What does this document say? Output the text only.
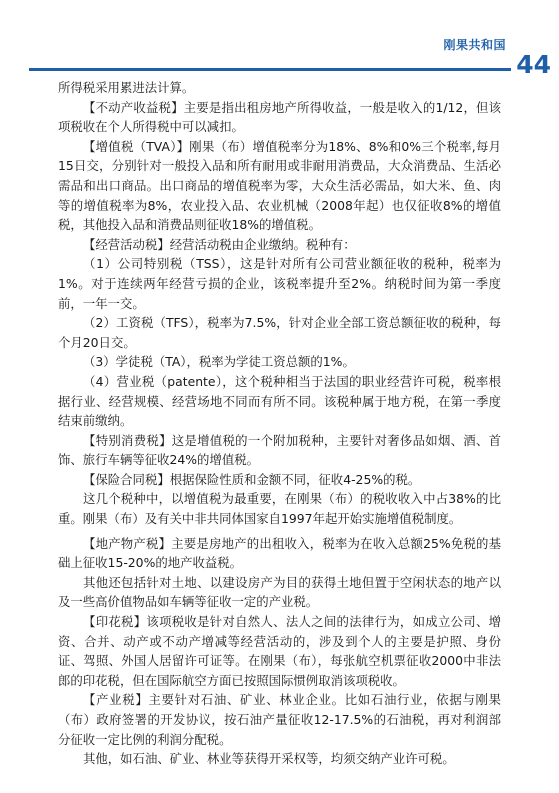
刚果共和国
44

所得税采用累进法计算。

【 不动产收益税 】 主要是指出租房地产所得收益，一般是收入的1/12，但该项税收在个人所得税中可以减扣。

【 增值税（TVA） 】 刚果（布）增值税率分为18%、8%和0%三个税率,每月15日交，分别针对一般投入品和所有耐用或非耐用消费品，大众消费品、生活必需品和出口商品。出口商品的增值税率为零，大众生活必需品，如大米、鱼、肉等的增值税率为8%，农业投入品、农业机械（2008年起）也仅征收8%的增值税，其他投入品和消费品则征收18%的增值税。

【 经营活动税 】 经营活动税由企业缴纳。税种有：

（1）公司特别税（TSS），这是针对所有公司营业额征收的税种，税率为1%。对于连续两年经营亏损的企业，该税率提升至2%。纳税时间为第一季度前，一年一交。

（2）工资税（TFS），税率为7.5%，针对企业全部工资总额征收的税种，每个月20日交。

（3）学徒税（TA），税率为学徒工资总额的1%。

（4）营业税（patente），这个税种相当于法国的职业经营许可税，税率根据行业、经营规模、经营场地不同而有所不同。该税种属于地方税，在第一季度结束前缴纳。

【 特别消费税 】 这是增值税的一个附加税种，主要针对奢侈品如烟、酒、首饰、旅行车辆等征收24%的增值税。

【 保险合同税 】 根据保险性质和金额不同，征收4-25%的税。

这几个税种中，以增值税为最重要，在刚果（布）的税收收入中占38%的比重。刚果（布）及有关中非共同体国家自1997年起开始实施增值税制度。

【 地产物产税 】 主要是房地产的出租收入，税率为在收入总额25%免税的基础上征收15-20%的地产收益税。

其他还包括针对土地、以建设房产为目的获得土地但置于空闲状态的地产以及一些高价值物品如车辆等征收一定的产业税。

【 印花税 】 该项税收是针对自然人、法人之间的法律行为，如成立公司、增资、合并、动产或不动产增减等经营活动的，涉及到个人的主要是护照、身份证、驾照、外国人居留许可证等。在刚果（布），每张航空机票征收2000中非法郎的印花税，但在国际航空方面已按照国际惯例取消该项税收。

【 产业税 】 主要针对石油、矿业、林业企业。比如石油行业，依据与刚果（布）政府签署的开发协议，按石油产量征收12-17.5%的石油税，再对利润部分征收一定比例的利润分配税。

其他，如石油、矿业、林业等获得开采权等，均须交纳产业许可税。
